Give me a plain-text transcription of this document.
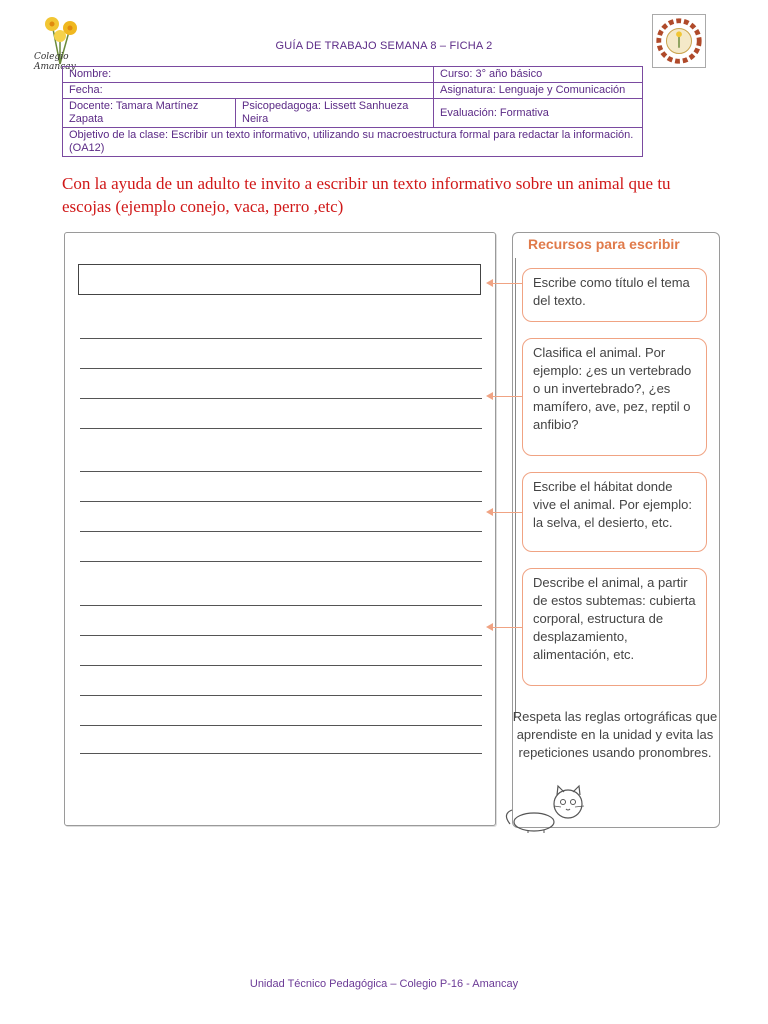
Colegio Amancay
GUÍA DE TRABAJO SEMANA 8 – FICHA 2
Nombre:		Curso: 3° año básico
Fecha:		Asignatura: Lenguaje y Comunicación
Docente: Tamara Martínez Zapata	Psicopedagoga: Lissett Sanhueza Neira	Evaluación: Formativa
Objetivo de la clase: Escribir un texto informativo, utilizando su macroestructura formal para redactar la información. (OA12)		
Con la ayuda de un adulto te invito a escribir un texto informativo sobre un animal que tu escojas (ejemplo conejo, vaca, perro ,etc)
Recursos para escribir
Escribe como título el tema del texto.
Clasifica el animal. Por ejemplo: ¿es un vertebrado o un invertebrado?, ¿es mamífero, ave, pez, reptil o anfibio?
Escribe el hábitat donde vive el animal. Por ejemplo: la selva, el desierto, etc.
Describe el animal, a partir de estos subtemas: cubierta corporal, estructura de desplazamiento, alimentación, etc.
Respeta las reglas ortográficas que aprendiste en la unidad y evita las repeticiones usando pronombres.
Unidad Técnico Pedagógica – Colegio P-16 - Amancay
